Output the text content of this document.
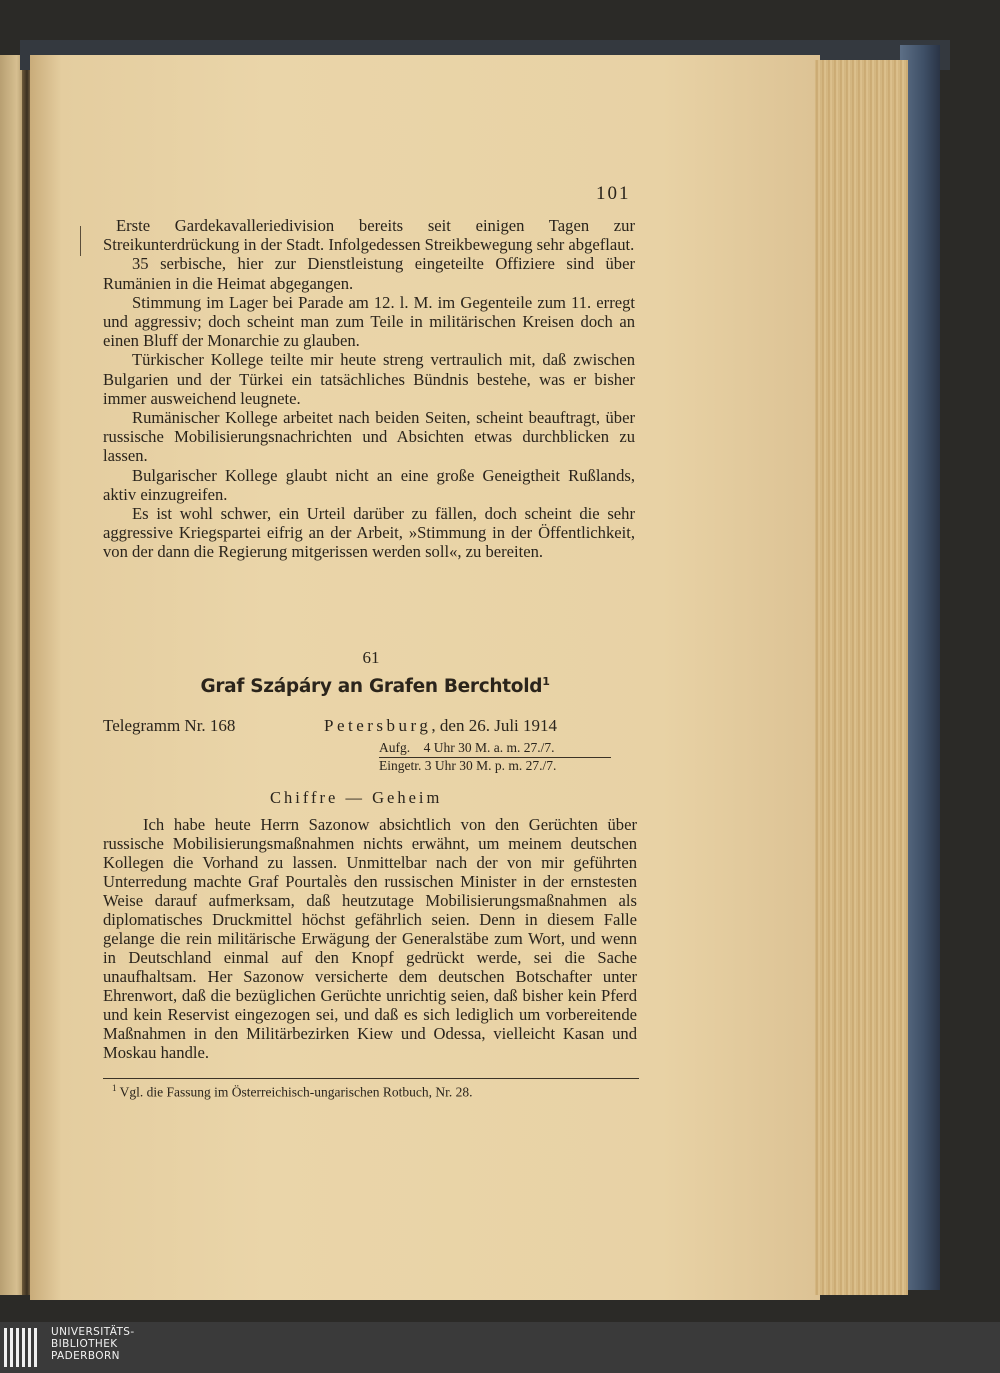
101

Erste Gardekavalleriedivision bereits seit einigen Tagen zur Streikunterdrückung in der Stadt. Infolgedessen Streikbewegung sehr abgeflaut.

35 serbische, hier zur Dienstleistung eingeteilte Offiziere sind über Rumänien in die Heimat abgegangen.

Stimmung im Lager bei Parade am 12. l. M. im Gegenteile zum 11. erregt und aggressiv; doch scheint man zum Teile in militärischen Kreisen doch an einen Bluff der Monarchie zu glauben.

Türkischer Kollege teilte mir heute streng vertraulich mit, daß zwischen Bulgarien und der Türkei ein tatsächliches Bündnis bestehe, was er bisher immer ausweichend leugnete.

Rumänischer Kollege arbeitet nach beiden Seiten, scheint beauftragt, über russische Mobilisierungsnachrichten und Absichten etwas durchblicken zu lassen.

Bulgarischer Kollege glaubt nicht an eine große Geneigtheit Rußlands, aktiv einzugreifen.

Es ist wohl schwer, ein Urteil darüber zu fällen, doch scheint die sehr aggressive Kriegspartei eifrig an der Arbeit, »Stimmung in der Öffentlichkeit, von der dann die Regierung mitgerissen werden soll«, zu bereiten.

61
Graf Szápáry an Grafen Berchtold$^1$
Telegramm Nr. 168	Petersburg, den 26. Juli 1914
Aufg.    4 Uhr 30 M. a. m. 27./7.
Eingetr. 3 Uhr 30 M. p. m. 27./7.
Chiffre — Geheim

Ich habe heute Herrn Sazonow absichtlich von den Gerüchten über russische Mobilisierungsmaßnahmen nichts erwähnt, um meinem deutschen Kollegen die Vorhand zu lassen. Unmittelbar nach der von mir geführten Unterredung machte Graf Pourtalès den russischen Minister in der ernstesten Weise darauf aufmerksam, daß heutzutage Mobilisierungsmaßnahmen als diplomatisches Druckmittel höchst gefährlich seien. Denn in diesem Falle gelange die rein militärische Erwägung der Generalstäbe zum Wort, und wenn in Deutschland einmal auf den Knopf gedrückt werde, sei die Sache unaufhaltsam. Her Sazonow versicherte dem deutschen Botschafter unter Ehrenwort, daß die bezüglichen Gerüchte unrichtig seien, daß bisher kein Pferd und kein Reservist eingezogen sei, und daß es sich lediglich um vorbereitende Maßnahmen in den Militärbezirken Kiew und Odessa, vielleicht Kasan und Moskau handle.

$^1$ Vgl. die Fassung im Österreichisch-ungarischen Rotbuch, Nr. 28.
UNIVERSITÄTS-
BIBLIOTHEK
PADERBORN
